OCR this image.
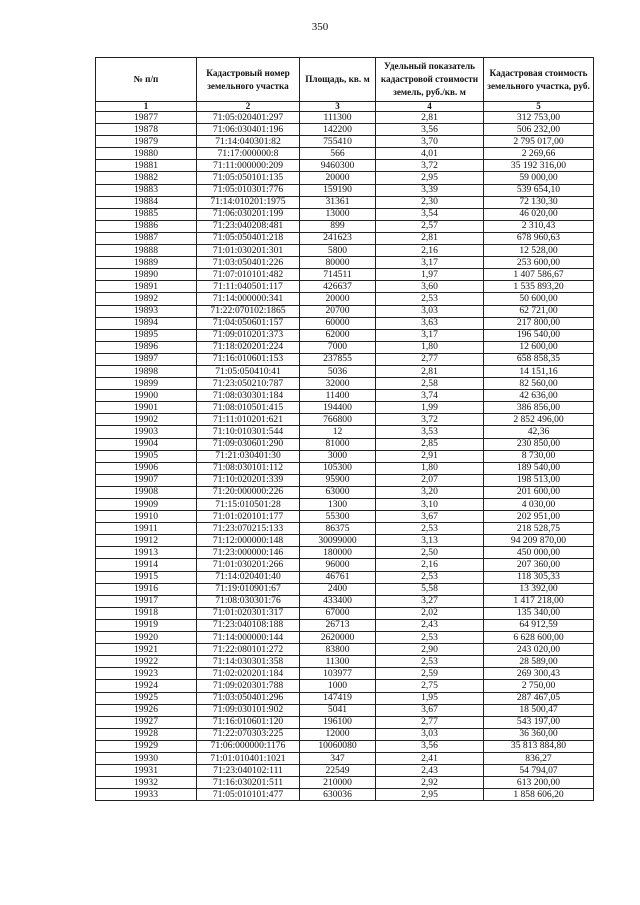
350
№ п/п	Кадастровый номер земельного участка	Площадь, кв. м	Удельный показатель кадастровой стоимости земель, руб./кв. м	Кадастровая стоимость земельного участка, руб.
1	2	3	4	5
19877	71:05:020401:297	111300	2,81	312 753,00
19878	71:06:030401:196	142200	3,56	506 232,00
19879	71:14:040301:82	755410	3,70	2 795 017,00
19880	71:17:000000:8	566	4,01	2 269,66
19881	71:11:000000:209	9460300	3,72	35 192 316,00
19882	71:05:050101:135	20000	2,95	59 000,00
19883	71:05:010301:776	159190	3,39	539 654,10
19884	71:14:010201:1975	31361	2,30	72 130,30
19885	71:06:030201:199	13000	3,54	46 020,00
19886	71:23:040208:481	899	2,57	2 310,43
19887	71:05:050401:218	241623	2,81	678 960,63
19888	71:01:030201:301	5800	2,16	12 528,00
19889	71:03:050401:226	80000	3,17	253 600,00
19890	71:07:010101:482	714511	1,97	1 407 586,67
19891	71:11:040501:117	426637	3,60	1 535 893,20
19892	71:14:000000:341	20000	2,53	50 600,00
19893	71:22:070102:1865	20700	3,03	62 721,00
19894	71:04:050601:157	60000	3,63	217 800,00
19895	71:09:010201:373	62000	3,17	196 540,00
19896	71:18:020201:224	7000	1,80	12 600,00
19897	71:16:010601:153	237855	2,77	658 858,35
19898	71:05:050410:41	5036	2,81	14 151,16
19899	71:23:050210:787	32000	2,58	82 560,00
19900	71:08:030301:184	11400	3,74	42 636,00
19901	71:08:010501:415	194400	1,99	386 856,00
19902	71:11:010201:621	766800	3,72	2 852 496,00
19903	71:10:010301:544	12	3,53	42,36
19904	71:09:030601:290	81000	2,85	230 850,00
19905	71:21:030401:30	3000	2,91	8 730,00
19906	71:08:030101:112	105300	1,80	189 540,00
19907	71:10:020201:339	95900	2,07	198 513,00
19908	71:20:000000:226	63000	3,20	201 600,00
19909	71:15:010501:28	1300	3,10	4 030,00
19910	71:01:020101:177	55300	3,67	202 951,00
19911	71:23:070215:133	86375	2,53	218 528,75
19912	71:12:000000:148	30099000	3,13	94 209 870,00
19913	71:23:000000:146	180000	2,50	450 000,00
19914	71:01:030201:266	96000	2,16	207 360,00
19915	71:14:020401:40	46761	2,53	118 305,33
19916	71:19:010901:67	2400	5,58	13 392,00
19917	71:08:030301:76	433400	3,27	1 417 218,00
19918	71:01:020301:317	67000	2,02	135 340,00
19919	71:23:040108:188	26713	2,43	64 912,59
19920	71:14:000000:144	2620000	2,53	6 628 600,00
19921	71:22:080101:272	83800	2,90	243 020,00
19922	71:14:030301:358	11300	2,53	28 589,00
19923	71:02:020201:184	103977	2,59	269 300,43
19924	71:09:020301:788	1000	2,75	2 750,00
19925	71:03:050401:296	147419	1,95	287 467,05
19926	71:09:030101:902	5041	3,67	18 500,47
19927	71:16:010601:120	196100	2,77	543 197,00
19928	71:22:070303:225	12000	3,03	36 360,00
19929	71:06:000000:1176	10060080	3,56	35 813 884,80
19930	71:01:010401:1021	347	2,41	836,27
19931	71:23:040102:111	22549	2,43	54 794,07
19932	71:16:030201:511	210000	2,92	613 200,00
19933	71:05:010101:477	630036	2,95	1 858 606,20
